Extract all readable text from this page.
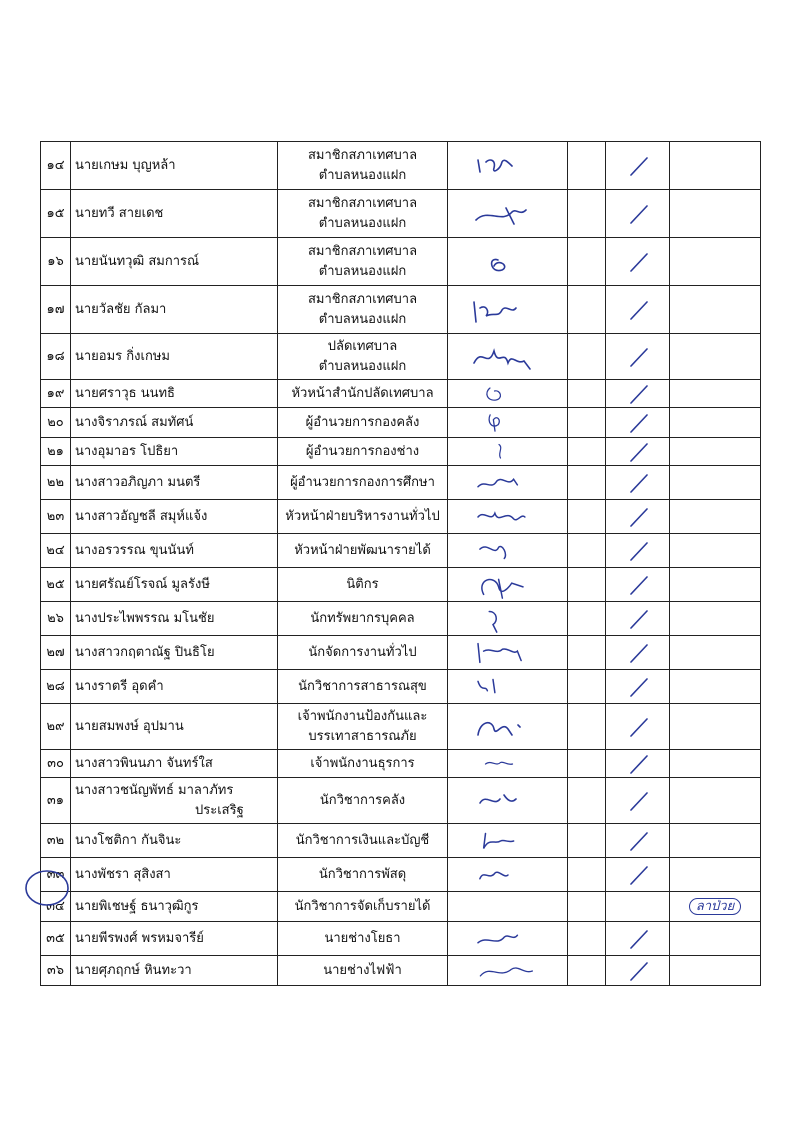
๑๔	นายเกษม บุญหล้า	สมาชิกสภาเทศบาล
ตำบลหนองแฝก

๑๕	นายทวี สายเดช	สมาชิกสภาเทศบาล
ตำบลหนองแฝก

๑๖	นายนันทวุฒิ สมการณ์	สมาชิกสภาเทศบาล
ตำบลหนองแฝก

๑๗	นายวัลชัย กัลมา	สมาชิกสภาเทศบาล
ตำบลหนองแฝก

๑๘	นายอมร กิ่งเกษม	ปลัดเทศบาล
ตำบลหนองแฝก

๑๙	นายศราวุธ นนทธิ	หัวหน้าสำนักปลัดเทศบาล

๒๐	นางจิราภรณ์ สมทัศน์	ผู้อำนวยการกองคลัง

๒๑	นางอุมาอร โปธิยา	ผู้อำนวยการกองช่าง

๒๒	นางสาวอภิญภา มนตรี	ผู้อำนวยการกองการศึกษา

๒๓	นางสาวอัญชลี สมุห์แจ้ง	หัวหน้าฝ่ายบริหารงานทั่วไป

๒๔	นางอรวรรณ ขุนนันท์	หัวหน้าฝ่ายพัฒนารายได้

๒๕	นายศรัณย์โรจณ์ มูลรังษี	นิติกร

๒๖	นางประไพพรรณ มโนชัย	นักทรัพยากรบุคคล

๒๗	นางสาวกฤตาณัฐ ปินธิโย	นักจัดการงานทั่วไป

๒๘	นางราตรี อุดคำ	นักวิชาการสาธารณสุข

๒๙	นายสมพงษ์ อุปมาน	เจ้าพนักงานป้องกันและ
บรรเทาสาธารณภัย

๓๐	นางสาวพินนภา จันทร์ใส	เจ้าพนักงานธุรการ

๓๑	นางสาวชนัญพัทธ์ มาลาภัทร
ประเสริฐ	นักวิชาการคลัง

๓๒	นางโชติกา กันจินะ	นักวิชาการเงินและบัญชี

๓๓	นางพัชรา สุสิงสา	นักวิชาการพัสดุ

๓๔	นายพิเชษฐ์ ธนาวุฒิกูร	นักวิชาการจัดเก็บรายได้				ลาป่วย
๓๕	นายพีรพงศ์ พรหมจารีย์	นายช่างโยธา

๓๖	นายศุภฤกษ์ หินทะวา	นายช่างไฟฟ้า
